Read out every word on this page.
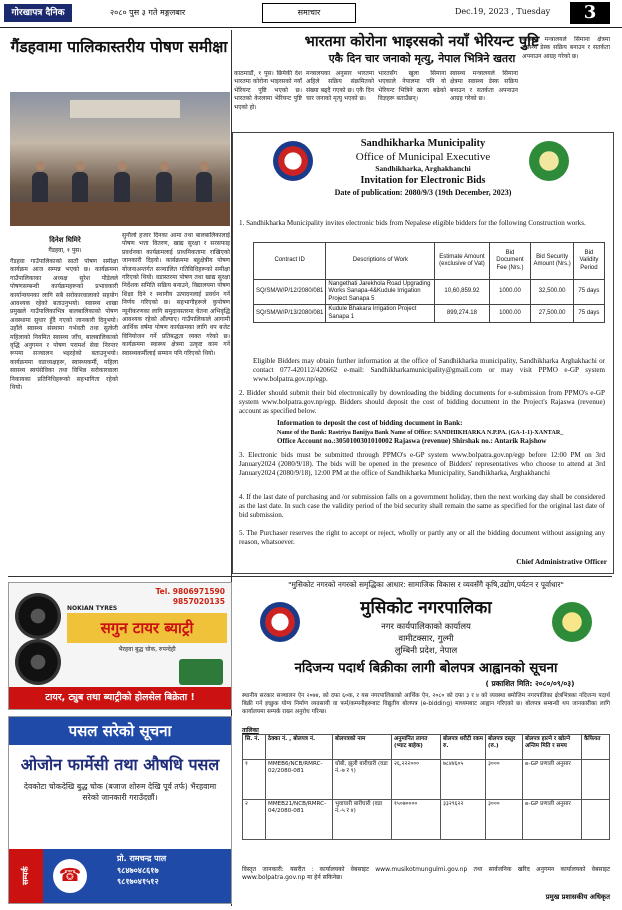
गोरखापत्र दैनिक	२०८० पुस ३ गते मङ्गलबार	समाचार	Dec.19, 2023 , Tuesday	3
गैंडहवामा पालिकास्तरीय पोषण समीक्षा
दिनेश घिमिरे
गैंडहवा, १ पुस।
गैंडहवा गाउँपालिकाको सातौं पोषण समीक्षा कार्यक्रम आज सम्पन्न भएको छ। कार्यक्रममा गाउँपालिकाका अध्यक्ष सुरेश पौडेलले पोषणसम्बन्धी कार्यक्रमहरूको प्रभावकारी कार्यान्वयनका लागि सबै सरोकारवालाको सहयोग आवश्यक रहेको बताउनुभयो। स्वास्थ्य शाखा प्रमुखले गाउँपालिकाभित्र बालबालिकाको पोषण अवस्थामा सुधार हुँदै गएको जानकारी दिनुभयो। उहाँले स्वास्थ्य संस्थामा गर्भवती तथा सुत्केरी महिलाको नियमित स्वास्थ्य जाँच, बालबालिकाको वृद्धि अनुगमन र पोषण परामर्श सेवा निरन्तर रूपमा सञ्चालन भइरहेको बताउनुभयो। कार्यक्रममा वडाध्यक्षहरू, स्वास्थ्यकर्मी, महिला स्वास्थ्य स्वयंसेविका तथा विभिन्न सरोकारवाला निकायका प्रतिनिधिहरूको सहभागिता रहेको थियो।
सुनौलो हजार दिनका आमा तथा बालबालिकालाई पोषण भत्ता वितरण, खाद्य सुरक्षा र सरसफाइ प्रवर्धनका कार्यक्रमलाई प्राथमिकतामा राखिएको जानकारी दिइयो। कार्यक्रममा बहुक्षेत्रीय पोषण योजनाअन्तर्गत सञ्चालित गतिविधिहरूको समीक्षा गरिएको थियो। वडास्तरमा पोषण तथा खाद्य सुरक्षा निर्देशक समिति सक्रिय बनाउने, विद्यालयमा पोषण शिक्षा दिने र स्थानीय उत्पादनलाई प्रवर्धन गर्ने निर्णय गरिएको छ। सहभागीहरूले कुपोषण न्यूनीकरणका लागि समुदायस्तरमा चेतना अभिवृद्धि आवश्यक रहेको औंल्याए। गाउँपालिकाले आगामी आर्थिक वर्षमा पोषण कार्यक्रमका लागि थप बजेट विनियोजन गर्ने प्रतिबद्धता व्यक्त गरेको छ। कार्यक्रममा स्वास्थ्य क्षेत्रमा उत्कृष्ट काम गर्ने स्वास्थ्यकर्मीलाई सम्मान पनि गरिएको थियो।
भारतमा कोरोना भाइरसको नयाँ भेरियन्ट पुष्टि
एकै दिन चार जनाको मृत्यु, नेपाल भित्रिने खतरा
काठमाडौं, १ पुस। छिमेकी देश भारतमा कोरोना भाइरसको नयाँ भेरियन्ट पुष्टि भएको छ। भारतको केरलामा भेरियन्ट पुष्टि भएको हो।
मन्त्रालयका अनुसार भारतमा अहिले सक्रिय संक्रमितको संख्या बढ्दै गएको छ। एकै दिन चार जनाको मृत्यु भएको छ।
भारतसँग खुला सिमाना भएकाले नेपालमा पनि यो भेरियन्ट भित्रिने खतरा बढेको विज्ञहरू बताउँछन्।
स्वास्थ्य मन्त्रालयले सिमाना क्षेत्रमा स्वास्थ्य डेस्क सक्रिय बनाउन र सतर्कता अपनाउन आग्रह गरेको छ।
स्वास्थ्य मन्त्रालयले सिमाना क्षेत्रमा स्वास्थ्य डेस्क सक्रिय बनाउन र सतर्कता अपनाउन आग्रह गरेको छ।
Sandhikharka Municipality
Office of Municipal Executive
Sandhikharka, Arghakhanchi
Invitation for Electronic Bids
Date of publication: 2080/9/3 (19th December, 2023)
1. Sandhikharka Municipality invites electronic bids from Nepalese eligible bidders for the following Construction works.
Contract ID	Descriptions of Work	Estimate Amount (exclusive of Vat)	Bid Document Fee (Nrs.)	Bid Security Amount (Nrs.)	Bid Validity Period
SQ/SM/W/P/12/2080/081	Nangethati Jarekhola Road Upgrading Works Sanapa-4&Kudule Irrigation Project Sanapa 5	10,60,859.92	1000.00	32,500.00	75 days
SQ/SM/W/P/13/2080/081	Kudule Bhakara Irrigation Project Sanapa 1	899,274.18	1000.00	27,500.00	75 days
Eligible Bidders may obtain further information at the office of Sandhikharka municipality, Sandhikharka Arghakhachi or contact 077-420112/420662 e-mail: Sandhikharkamunicipality@gmail.com or may visit PPMO e-GP system www.bolpatra.gov.np/egp.
2. Bidder should submit their bid electronically by downloading the bidding documents for e-submission from PPMO's e-GP system www.bolpatra.gov.np/egp. Bidders should deposit the cost of bidding document in the Project's Rajaswa (revenue) account as specified below.
Information to deposit the cost of bidding document in Bank:
Name of the Bank: Rastriya Banijya Bank Name of Office: SANDHIKHARKA N.P.PA. (GA-1-1)-XANTAR_
Office Account no.:3050100301010002 Rajaswa (revenue) Shirshak no.: Antarik Rajshow
3. Electronic bids must be submitted through PPMO's e-GP system www.bolpatra.gov.np/egp before 12:00 PM on 3rd January2024 (2080/9/18). The bids will be opened in the presence of Bidders' representatives who choose to attend at 3rd January2024 (2080/9/18), 12:00 PM at the office of Sandhikharka Municipality, Sandhikharka, Arghakhanchi
4. If the last date of purchasing and /or submission falls on a government holiday, then the next working day shall be considered as the last date. In such case the validity period of the bid security shall remain the same as specified for the original last date of bid submission.
5. The Purchaser reserves the right to accept or reject, wholly or partly any or all the bidding document without assigning any reason, whatsoever.
Chief Administrative Officer
Tel. 9806971590
9857020135
NOKIAN TYRES
सगुन टायर ब्याट्री
भैरहवा बुद्ध चोक, रुपन्देही
टायर, ट्युब तथा ब्याट्रीको होलसेल बिक्रेता !
पसल सरेको सूचना
ओजोन फार्मेसी तथा औषधि पसल
देवकोटा चोकदेखि बुद्ध चोक (बजाज शोरुम देखि पूर्व तर्फ) भैरहवामा सरेको जानकारी गराउँदछौं।
सम्पर्क	☎
प्रो. रामचन्द्र पाल
९८४७०४८६१७
९८१७०४१५१२
"मुसिकोट नगरको नगरको समृद्धिका आधार: सामाजिक विकास र व्यवसँगै कृषि,उद्योग,पर्यटन र पूर्वाधार"
मुसिकोट नगरपालिका
नगर कार्यपालिकाको कार्यालय
वामीटक्सार, गुल्मी
लुम्बिनी प्रदेश, नेपाल
नदिजन्य पदार्थ बिक्रीका लागी बोलपत्र आह्वानको सूचना
( प्रकाशित मिति: २०८०/०९/०३)
स्थानीय सरकार सञ्चालन ऐन २०७४, को दफा ६०क, र यस नगरपालिकाको आर्थिक ऐन, २०८० को दफा ३ र ४ को व्यवस्था बमोजिम नगरपालिका क्षेत्रभित्रका नदिजन्य पदार्थ बिक्री गर्न इच्छुक योग्य निर्माण व्यवसायी वा फर्म/कम्पनीहरूबाट विद्युतीय बोलपत्र (e-bidding) माध्यमबाट आह्वान गरिएको छ। बोलपत्र सम्बन्धी थप जानकारीका लागि कार्यालयमा सम्पर्क राख्न अनुरोध गरिन्छ।
तालिका
सि. नं.	ठेक्का नं. , बोलपत्र नं.	बोलपत्रको नाम	अनुमानित लागत (भ्याट बाहेक)	बोलपत्र धरौटी रकम रु.	बोलपत्र दस्तुर (रु.)	बोलपत्र हाल्ने र खोल्ने अन्तिम मिति र समय	कैफियत
१	MMEB6/NCB/RMRC-02/2080-081	धोबी, झुली बारीघारी (वडा नं.-७ र ९)	२६,२२२०००	७८४४६०५	३०००	e-GP प्रणाली अनुसार	
२	MMEB21/NCB/RMRC-04/2080-081	भुवाघारी बारीघारी (वडा नं.-५ र ४)	१५०७००००	३३२९६२२	३०००	e-GP प्रणाली अनुसार	
विस्तृत जानकारी: यसरीत : कार्यालयको वेबसाइट www.musikotmungulmi.gov.np तथा सार्वजनिक खरिद अनुगमन कार्यालयको वेबसाइट www.bolpatra.gov.np मा हेर्न सकिनेछ।
प्रमुख प्रशासकीय अधिकृत
